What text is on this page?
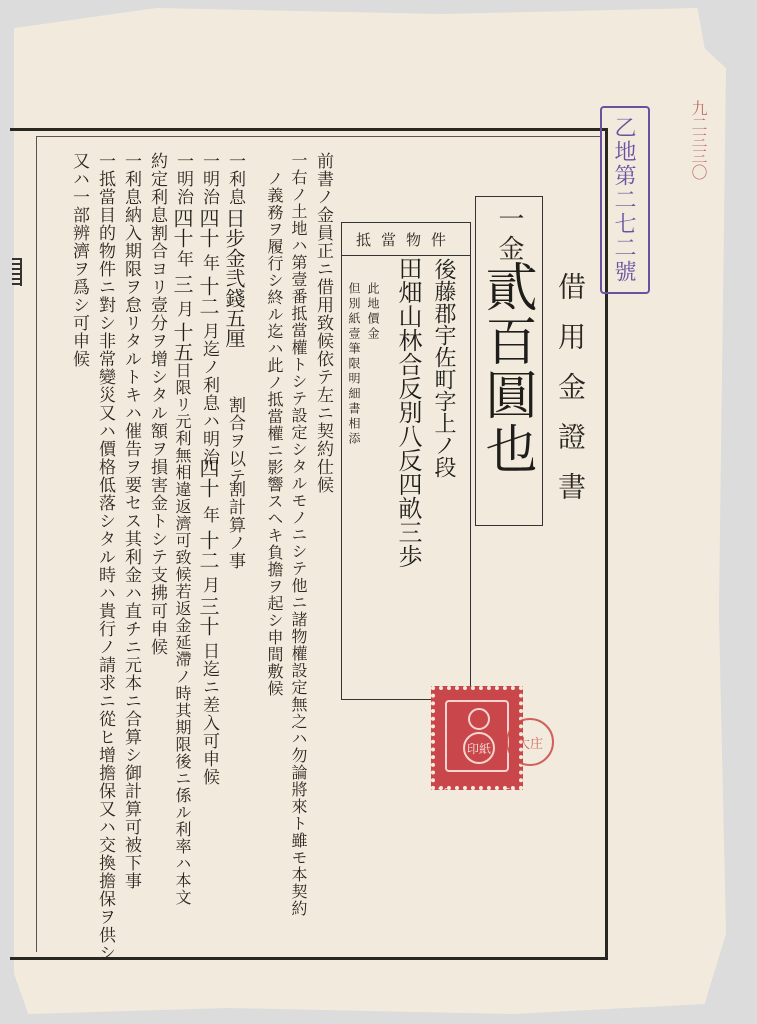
九二三三〇
乙地第二七二號
借用金證書
一金
貳百圓也
抵當物件
此地價金
但別紙壹筆限明細書相添	後藤郡宇佐町字上ノ段
田畑山林合反別八反四畝三歩
前書ノ金員正ニ借用致候依テ左ニ契約仕候
一右ノ土地ハ第壹番抵當權トシテ設定シタルモノニシテ他ニ諸物權設定無之ハ勿論將來ト雖モ本契約
ノ義務ヲ履行シ終ル迄ハ此ノ抵當權ニ影響スヘキ負擔ヲ起シ申間敷候
一利息
日步金弐錢五厘
割合ヲ以テ
割計算ノ事
一明治
四十
年
十二
月迄ノ利息ハ明治
四十
年
十二
月
三十
日迄ニ差入可申候
一明治
四十
年
三
月
十五
日限リ元利無相違返濟可致候若返金延滯ノ時其期限後ニ係ル利率ハ本文
約定利息割合ヨリ壹分ヲ增シタル額ヲ損害金トシテ支拂可申候
一利息納入期限ヲ怠リタルトキハ催告ヲ要セス其利金ハ直チニ元本ニ合算シ御計算可被下事
一抵當目的物件ニ對シ非常變災又ハ價格低落シタル時ハ貴行ノ請求ニ從ヒ增擔保又ハ交換擔保ヲ供シ
又ハ一部辨濟ヲ爲シ可申候
印紙
10	Sn
大庄
